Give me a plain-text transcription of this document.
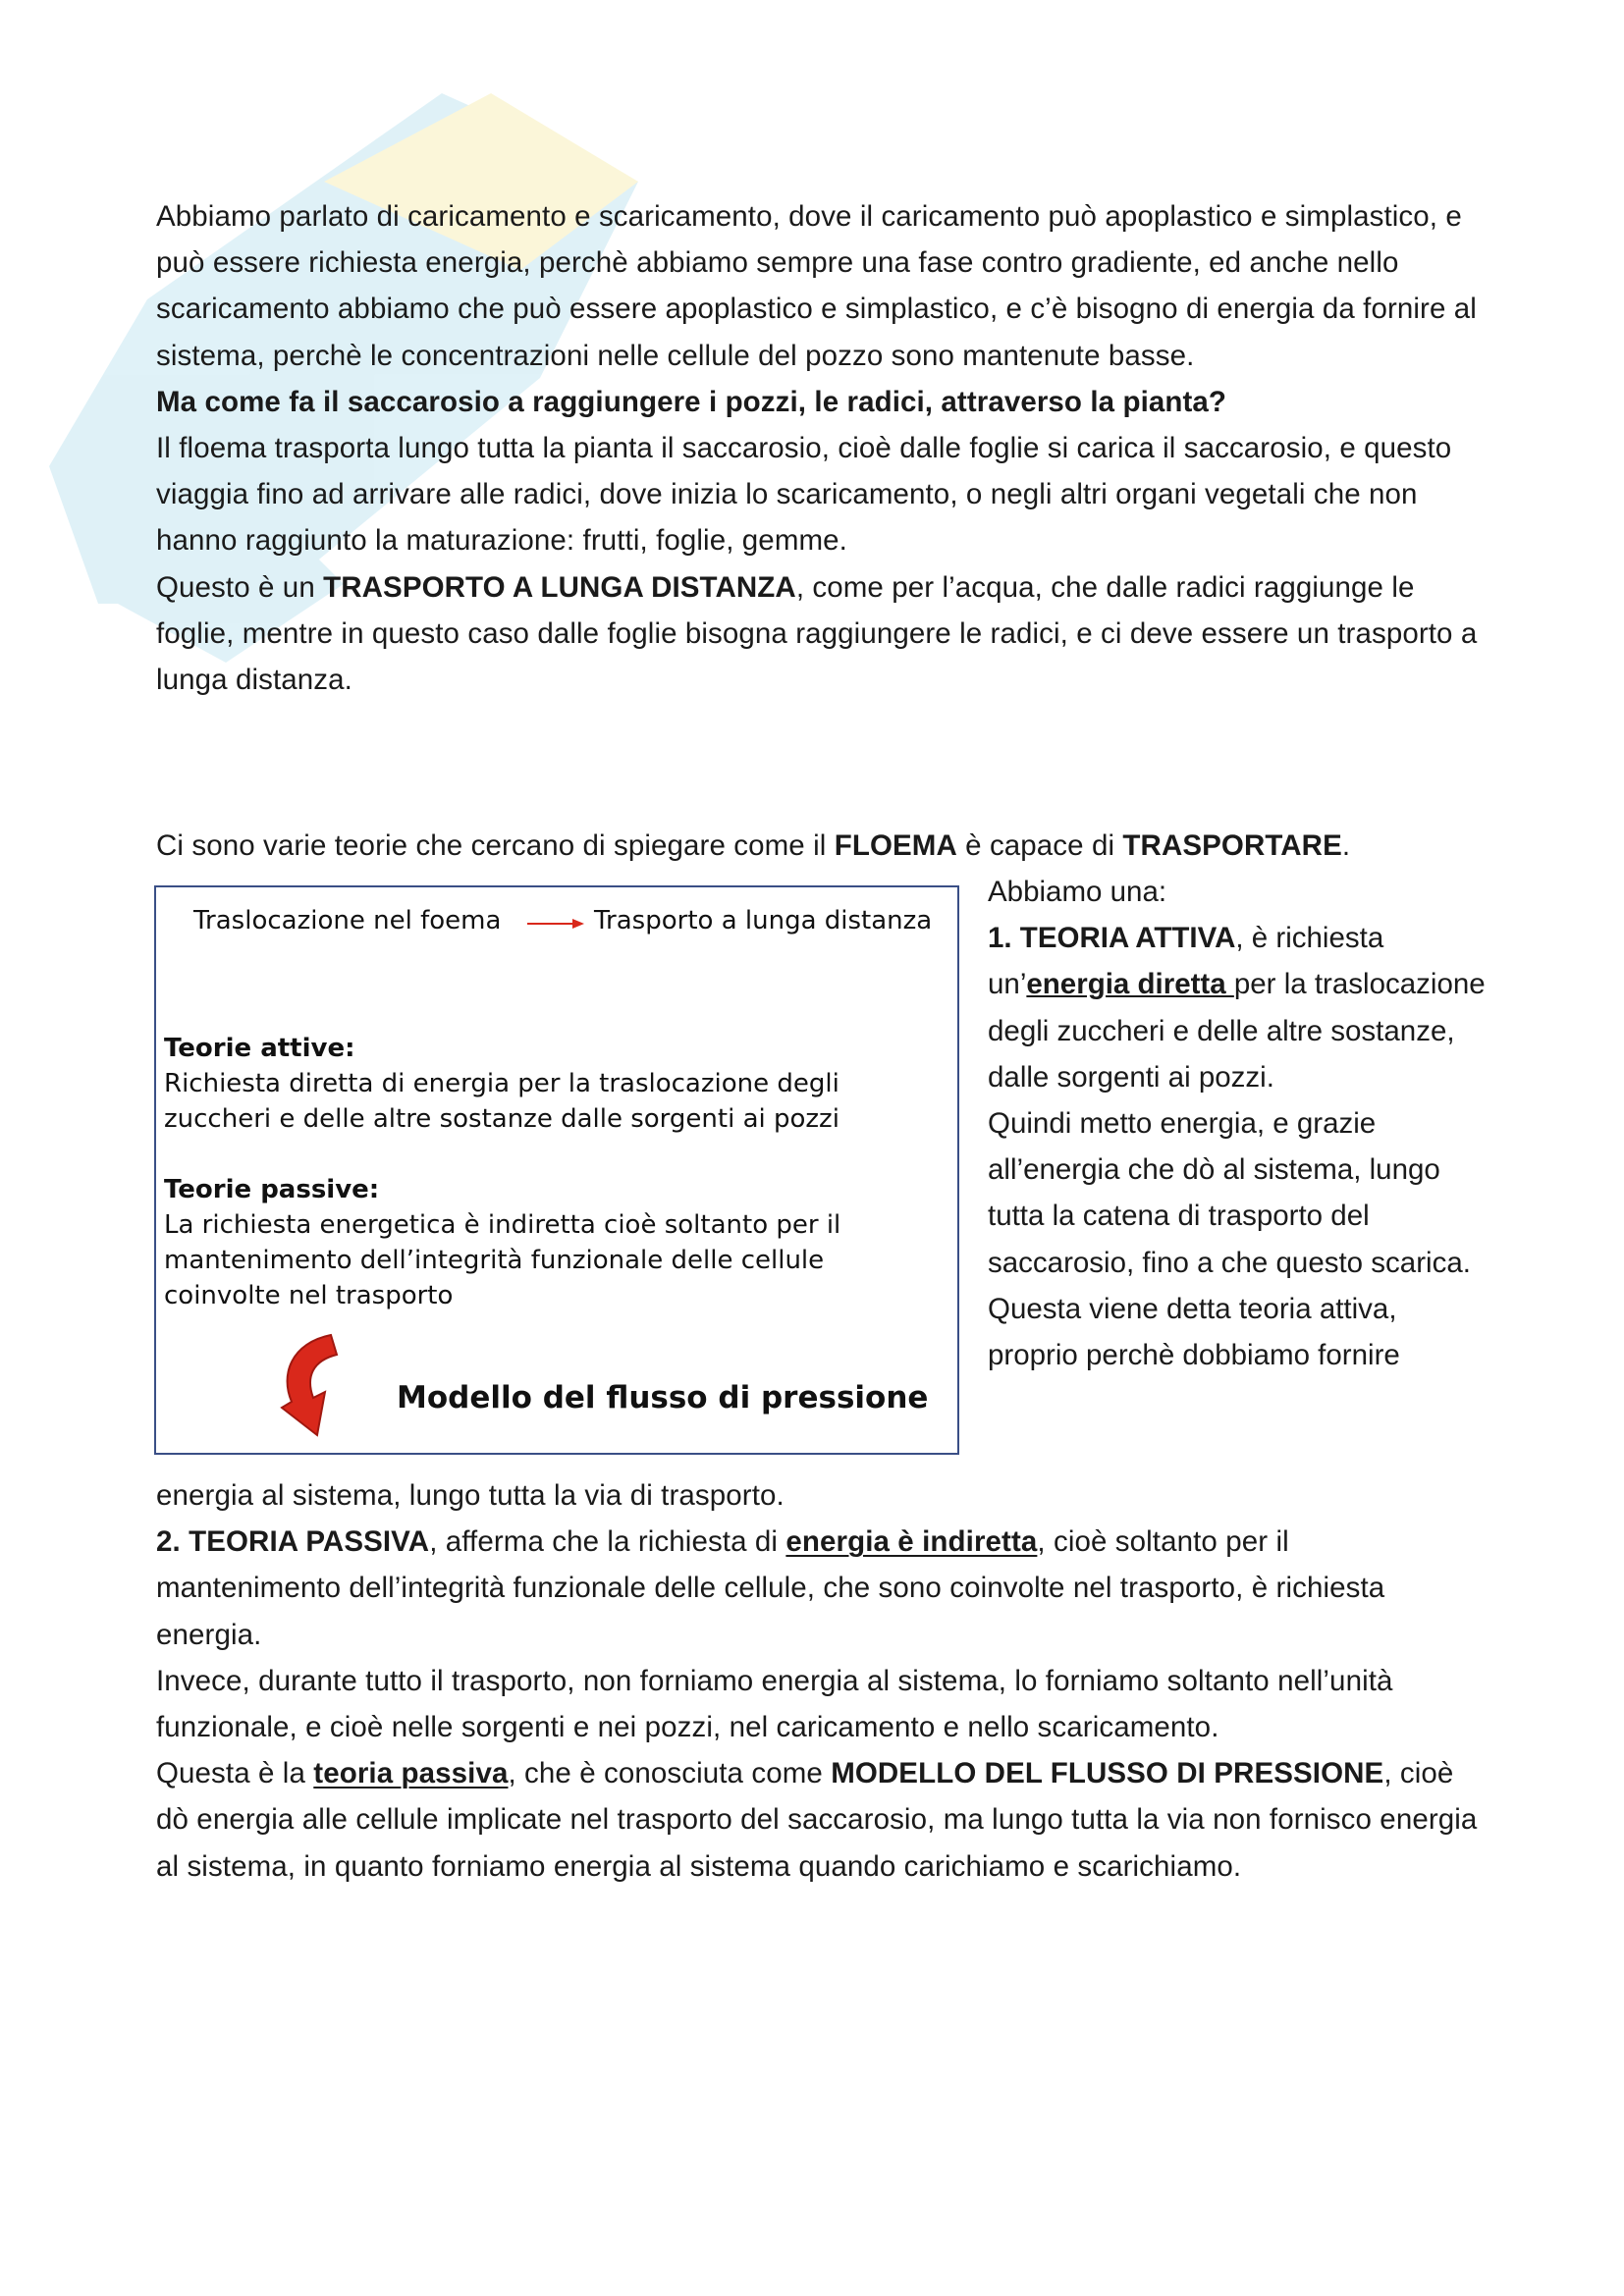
Abbiamo parlato di caricamento e scaricamento, dove il caricamento può apoplastico e simplastico, e può essere richiesta energia, perchè abbiamo sempre una fase contro gradiente, ed anche nello scaricamento abbiamo che può essere apoplastico e simplastico, e c’è bisogno di energia da fornire al sistema, perchè le concentrazioni nelle cellule del pozzo sono mantenute basse.

Ma come fa il saccarosio a raggiungere i pozzi, le radici, attraverso la pianta?

Il floema trasporta lungo tutta la pianta il saccarosio, cioè dalle foglie si carica il saccarosio, e questo viaggia fino ad arrivare alle radici, dove inizia lo scaricamento, o negli altri organi vegetali che non hanno raggiunto la maturazione: frutti, foglie, gemme.

Questo è un TRASPORTO A LUNGA DISTANZA, come per l’acqua, che dalle radici raggiunge le foglie, mentre in questo caso dalle foglie bisogna raggiungere le radici, e ci deve essere un trasporto a lunga distanza.

Ci sono varie teorie che cercano di spiegare come il FLOEMA è capace di TRASPORTARE.

Traslocazione nel foema	Trasporto a lunga distanza
Teorie attive:
Richiesta diretta di energia per la traslocazione degli
zuccheri e delle altre sostanze dalle sorgenti ai pozzi
Teorie passive:
La richiesta energetica è indiretta cioè soltanto per il
mantenimento dell’integrità funzionale delle cellule
coinvolte nel trasporto
Modello del flusso di pressione

Abbiamo una:

1. TEORIA ATTIVA, è richiesta un’energia diretta per la traslocazione degli zuccheri e delle altre sostanze, dalle sorgenti ai pozzi.

Quindi metto energia, e grazie all’energia che dò al sistema, lungo tutta la catena di trasporto del saccarosio, fino a che questo scarica.

Questa viene detta teoria attiva, proprio perchè dobbiamo fornire

energia al sistema, lungo tutta la via di trasporto.

2. TEORIA PASSIVA, afferma che la richiesta di energia è indiretta, cioè soltanto per il mantenimento dell’integrità funzionale delle cellule, che sono coinvolte nel trasporto, è richiesta energia.

Invece, durante tutto il trasporto, non forniamo energia al sistema, lo forniamo soltanto nell’unità funzionale, e cioè nelle sorgenti e nei pozzi, nel caricamento e nello scaricamento.

Questa è la teoria passiva, che è conosciuta come MODELLO DEL FLUSSO DI PRESSIONE, cioè dò energia alle cellule implicate nel trasporto del saccarosio, ma lungo tutta la via non fornisco energia al sistema, in quanto forniamo energia al sistema quando carichiamo e scarichiamo.
